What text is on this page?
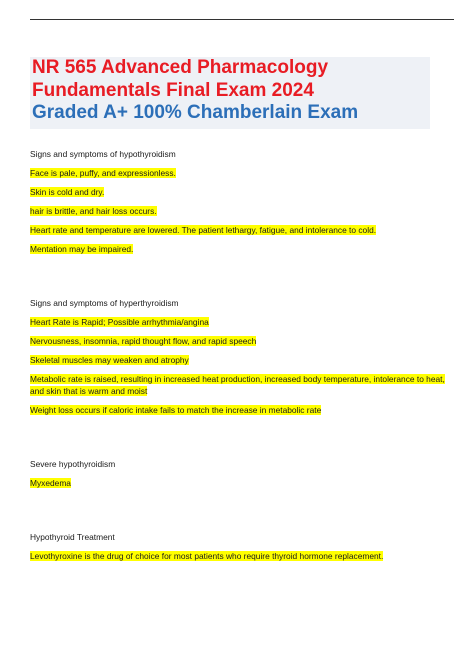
NR 565 Advanced Pharmacology
Fundamentals Final Exam 2024
Graded A+ 100% Chamberlain Exam
Signs and symptoms of hypothyroidism
Face is pale, puffy, and expressionless.
Skin is cold and dry.
hair is brittle, and hair loss occurs.
Heart rate and temperature are lowered. The patient lethargy, fatigue, and intolerance to cold.
Mentation may be impaired.
Signs and symptoms of hyperthyroidism
Heart Rate is Rapid; Possible arrhythmia/angina
Nervousness, insomnia, rapid thought flow, and rapid speech
Skeletal muscles may weaken and atrophy
Metabolic rate is raised, resulting in increased heat production, increased body temperature, intolerance to heat, and skin that is warm and moist
Weight loss occurs if caloric intake fails to match the increase in metabolic rate
Severe hypothyroidism
Myxedema
Hypothyroid Treatment
Levothyroxine is the drug of choice for most patients who require thyroid hormone replacement.
